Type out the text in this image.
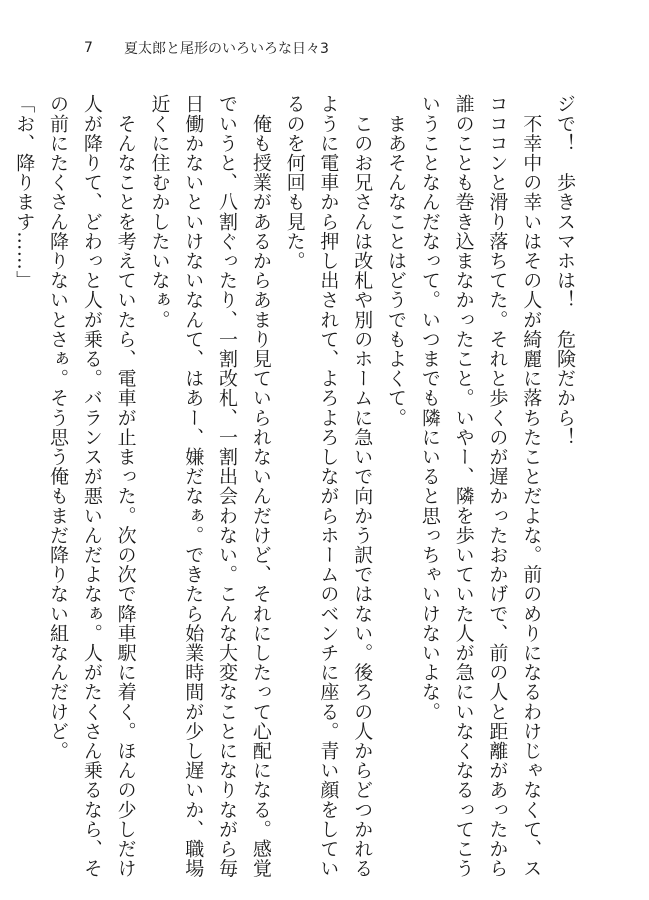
7	夏太郎と尾形のいろいろな日々3
ジで！　歩きスマホは！　危険だから！
　不幸中の幸いはその人が綺麗に落ちたことだよな。前のめりになるわけじゃなくて、ス
コココンと滑り落ちてた。それと歩くのが遅かったおかげで、前の人と距離があったから
誰のことも巻き込まなかったこと。いやー、隣を歩いていた人が急にいなくなるってこう
いうことなんだなって。いつまでも隣にいると思っちゃいけないよな。
　まあそんなことはどうでもよくて。
　このお兄さんは改札や別のホームに急いで向かう訳ではない。後ろの人からどつかれる
ように電車から押し出されて、よろよろしながらホームのベンチに座る。青い顔をしてい
るのを何回も見た。
　俺も授業があるからあまり見ていられないんだけど、それにしたって心配になる。感覚
でいうと、八割ぐったり、一割改札、一割出会わない。こんな大変なことになりながら毎
日働かないといけないなんて、はあー、嫌だなぁ。できたら始業時間が少し遅いか、職場
近くに住むかしたいなぁ。
　そんなことを考えていたら、電車が止まった。次の次で降車駅に着く。ほんの少しだけ
人が降りて、どわっと人が乗る。バランスが悪いんだよなぁ。人がたくさん乗るなら、そ
の前にたくさん降りないとさぁ。そう思う俺もまだ降りない組なんだけど。
「お、降ります……」
